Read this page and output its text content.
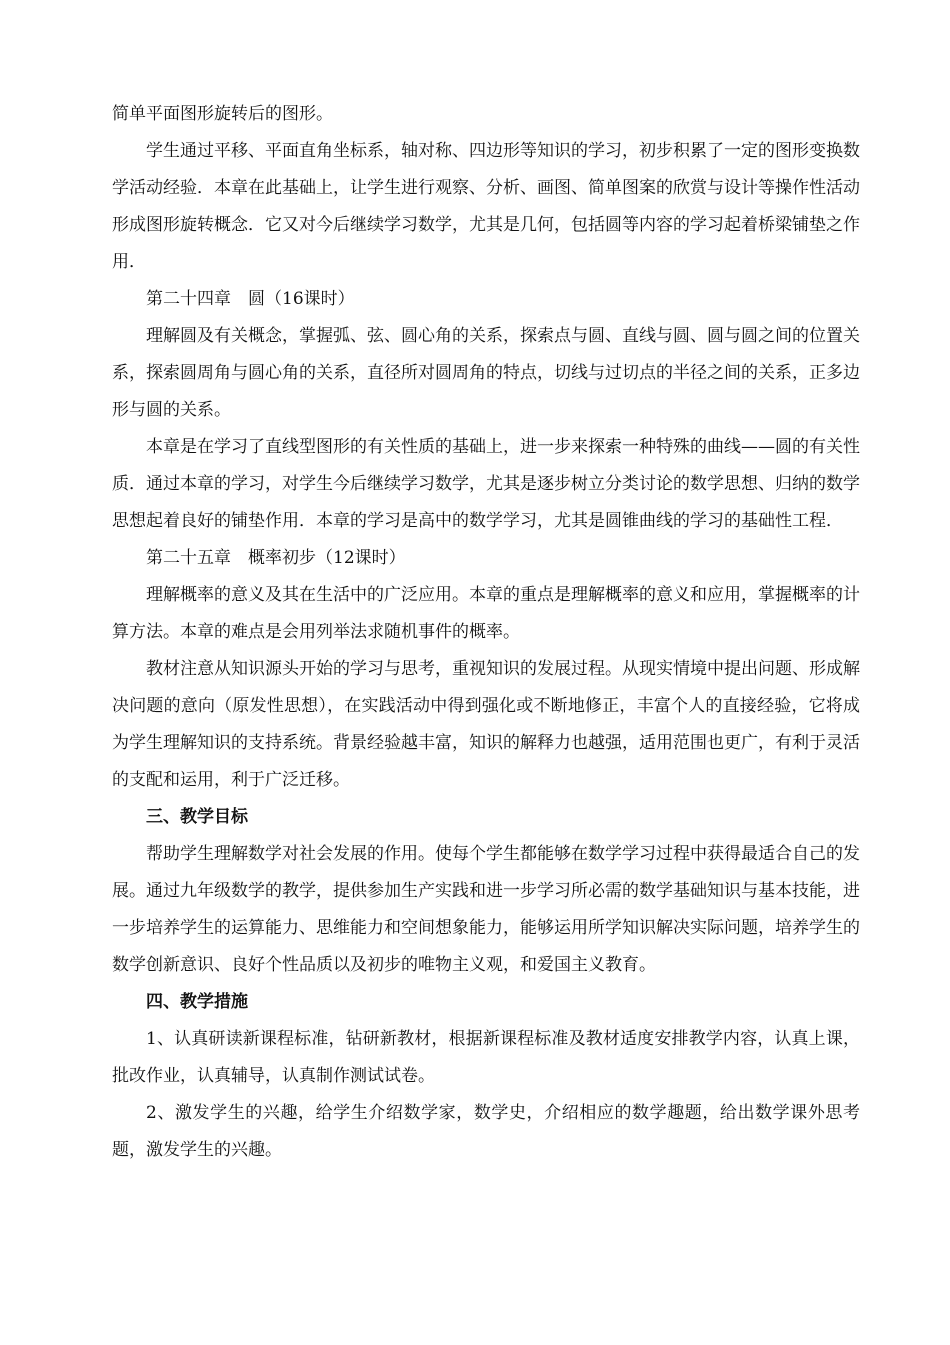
简单平面图形旋转后的图形。

学生通过平移、平面直角坐标系，轴对称、四边形等知识的学习，初步积累了一定的图形变换数学活动经验．本章在此基础上，让学生进行观察、分析、画图、简单图案的欣赏与设计等操作性活动形成图形旋转概念．它又对今后继续学习数学，尤其是几何，包括圆等内容的学习起着桥梁铺垫之作用．

第二十四章　圆（16课时）

理解圆及有关概念，掌握弧、弦、圆心角的关系，探索点与圆、直线与圆、圆与圆之间的位置关系，探索圆周角与圆心角的关系，直径所对圆周角的特点，切线与过切点的半径之间的关系，正多边形与圆的关系。

本章是在学习了直线型图形的有关性质的基础上，进一步来探索一种特殊的曲线——圆的有关性质．通过本章的学习，对学生今后继续学习数学，尤其是逐步树立分类讨论的数学思想、归纳的数学思想起着良好的铺垫作用．本章的学习是高中的数学学习，尤其是圆锥曲线的学习的基础性工程．

第二十五章　概率初步（12课时）

理解概率的意义及其在生活中的广泛应用。本章的重点是理解概率的意义和应用，掌握概率的计算方法。本章的难点是会用列举法求随机事件的概率。

教材注意从知识源头开始的学习与思考，重视知识的发展过程。从现实情境中提出问题、形成解决问题的意向（原发性思想），在实践活动中得到强化或不断地修正，丰富个人的直接经验，它将成为学生理解知识的支持系统。背景经验越丰富，知识的解释力也越强，适用范围也更广，有利于灵活的支配和运用，利于广泛迁移。

三、教学目标

帮助学生理解数学对社会发展的作用。使每个学生都能够在数学学习过程中获得最适合自己的发展。通过九年级数学的教学，提供参加生产实践和进一步学习所必需的数学基础知识与基本技能，进一步培养学生的运算能力、思维能力和空间想象能力，能够运用所学知识解决实际问题，培养学生的数学创新意识、良好个性品质以及初步的唯物主义观，和爱国主义教育。

四、教学措施

1、认真研读新课程标准，钻研新教材，根据新课程标准及教材适度安排教学内容，认真上课，批改作业，认真辅导，认真制作测试试卷。

2、激发学生的兴趣，给学生介绍数学家，数学史，介绍相应的数学趣题，给出数学课外思考题，激发学生的兴趣。
